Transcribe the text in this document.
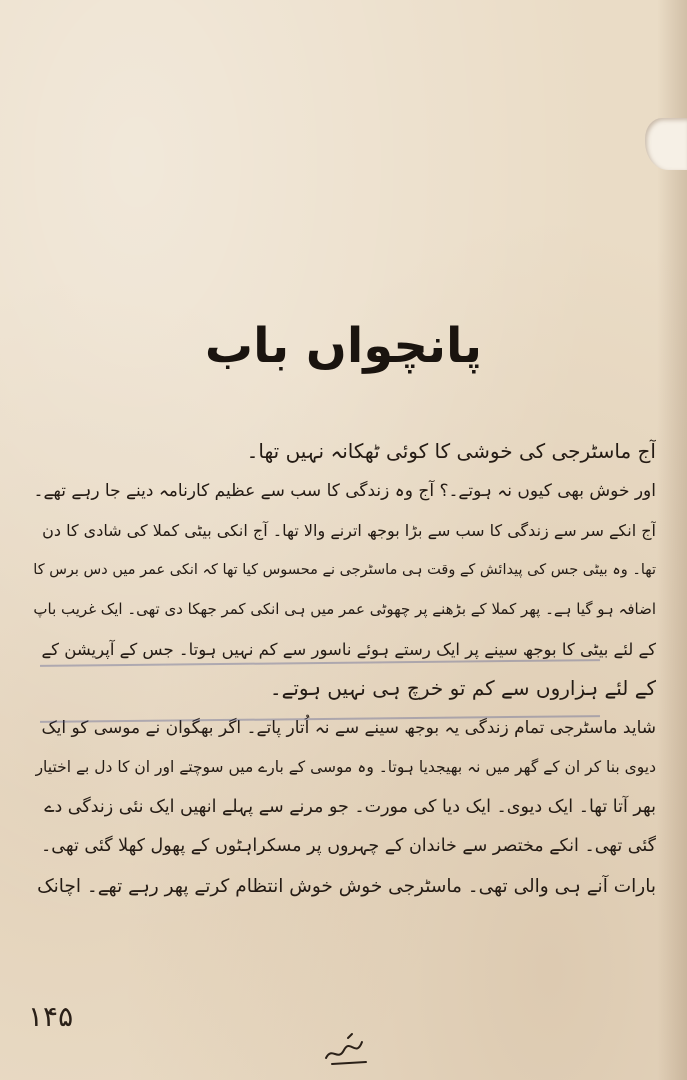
پانچواں باب
آج ماسٹرجی کی خوشی کا کوئی ٹھکانہ نہیں تھا۔
اور خوش بھی کیوں نہ ہوتے۔؟ آج وہ زندگی کا سب سے عظیم کارنامہ دینے جا رہے تھے۔
آج انکے سر سے زندگی کا سب سے بڑا بوجھ اترنے والا تھا۔ آج انکی بیٹی کملا کی شادی کا دن
تھا۔ وہ بیٹی جس کی پیدائش کے وقت ہی ماسٹرجی نے محسوس کیا تھا کہ انکی عمر میں دس برس کا
اضافہ ہو گیا ہے۔ پھر کملا کے بڑھنے پر چھوٹی عمر میں ہی انکی کمر جھکا دی تھی۔ ایک غریب باپ
کے لئے بیٹی کا بوجھ سینے پر ایک رستے ہوئے ناسور سے کم نہیں ہوتا۔ جس کے آپریشن کے
کے لئے ہزاروں سے کم تو خرچ ہی نہیں ہوتے۔
شاید ماسٹرجی تمام زندگی یہ بوجھ سینے سے نہ اُتار پاتے۔ اگر بھگوان نے موسی کو ایک
دیوی بنا کر ان کے گھر میں نہ بھیجدیا ہوتا۔ وہ موسی کے بارے میں سوچتے اور ان کا دل بے اختیار
بھر آتا تھا۔ ایک دیوی۔ ایک دیا کی مورت۔ جو مرنے سے پہلے انھیں ایک نئی زندگی دے
گئی تھی۔ انکے مختصر سے خاندان کے چہروں پر مسکراہٹوں کے پھول کھلا گئی تھی۔
بارات آنے ہی والی تھی۔ ماسٹرجی خوش خوش انتظام کرتے پھر رہے تھے۔ اچانک
۱۴۵
